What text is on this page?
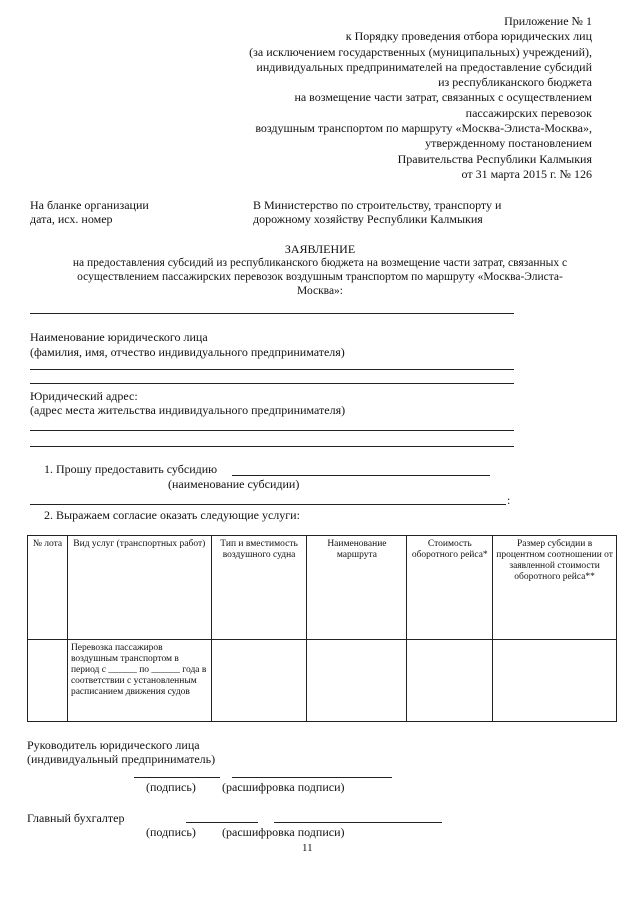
Приложение № 1
к Порядку проведения отбора юридических лиц
(за исключением государственных (муниципальных) учреждений),
индивидуальных предпринимателей на предоставление субсидий
из республиканского бюджета
на возмещение части затрат, связанных с осуществлением
пассажирских перевозок
воздушным транспортом по маршруту «Москва-Элиста-Москва»,
утвержденному постановлением
Правительства Республики Калмыкия
от 31 марта 2015 г. № 126
На бланке организации
дата, исх. номер
В Министерство по строительству, транспорту и
дорожному хозяйству Республики Калмыкия
ЗАЯВЛЕНИЕ
на предоставления субсидий из республиканского бюджета на возмещение части затрат, связанных с
осуществлением пассажирских перевозок воздушным транспортом по маршруту «Москва-Элиста-
Москва»:
Наименование юридического лица
(фамилия, имя, отчество индивидуального предпринимателя)
Юридический адрес:
(адрес места жительства индивидуального предпринимателя)
1. Прошу предоставить субсидию
(наименование субсидии)
:
2. Выражаем согласие оказать следующие услуги:
№ лота	Вид услуг (транспортных работ)	Тип и вместимость воздушного судна	Наименование маршрута	Стоимость оборотного рейса*	Размер субсидии в процентном соотношении от заявленной стоимости оборотного рейса**
	Перевозка пассажиров воздушным транспортом в период с ______ по ______ года в соответствии с установленным расписанием движения судов				
Руководитель юридического лица
(индивидуальный предприниматель)
(подпись) (расшифровка подписи)
Главный бухгалтер
(подпись) (расшифровка подписи)
11
